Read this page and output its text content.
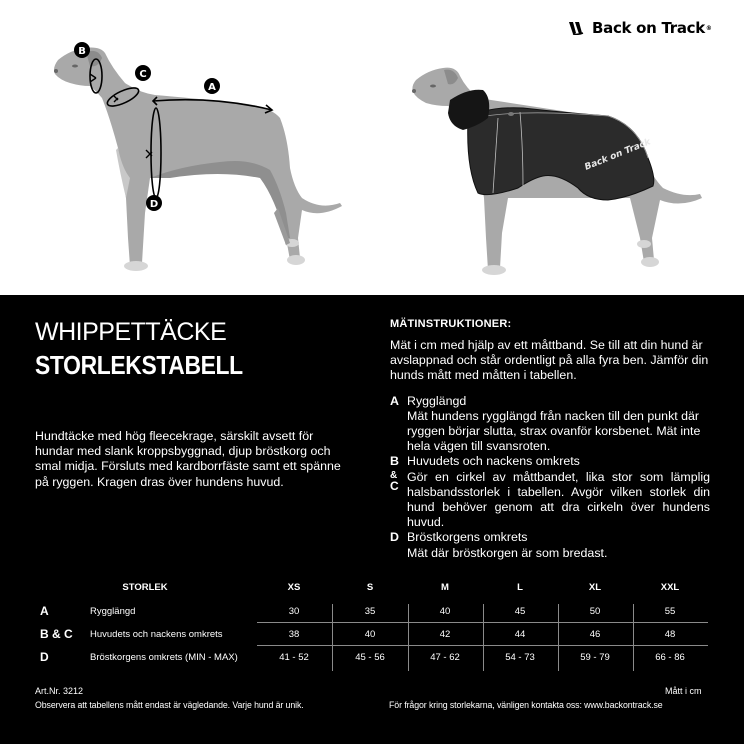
Back on Track ®
B
C
A
D
Back on Track
WHIPPETTÄCKE
STORLEKSTABELL
Hundtäcke med hög fleecekrage, särskilt avsett för hundar med slank kroppsbyggnad, djup bröstkorg och smal midja. Försluts med kardborrfäste samt ett spänne på ryggen. Kragen dras över hundens huvud.
MÄTINSTRUKTIONER:
Mät i cm med hjälp av ett måttband. Se till att din hund är avslappnad och står ordentligt på alla fyra ben. Jämför din hunds mått med måtten i tabellen.
A Rygglängd
Mät hundens rygglängd från nacken till den punkt där ryggen börjar slutta, strax ovanför korsbenet. Mät inte hela vägen till svansroten.
B
&
C
Huvudets och nackens omkrets
Gör en cirkel av måttbandet, lika stor som lämplig halsbandsstorlek i tabellen. Avgör vilken storlek din hund behöver genom att dra cirkeln över hundens huvud.
D Bröstkorgens omkrets
Mät där bröstkorgen är som bredast.
STORLEK	XS	S	M	L	XL	XXL
A	Rygglängd	30	35	40	45	50	55
B & C Huvudets och nackens omkrets	38	40	42	44	46	48
D	Bröstkorgens omkrets (MIN - MAX)	41 - 52	45 - 56	47 - 62	54 - 73	59 - 79	66 - 86
Art.Nr. 3212
Observera att tabellens mått endast är vägledande. Varje hund är unik.
Mått i cm
För frågor kring storlekarna, vänligen kontakta oss: www.backontrack.se
